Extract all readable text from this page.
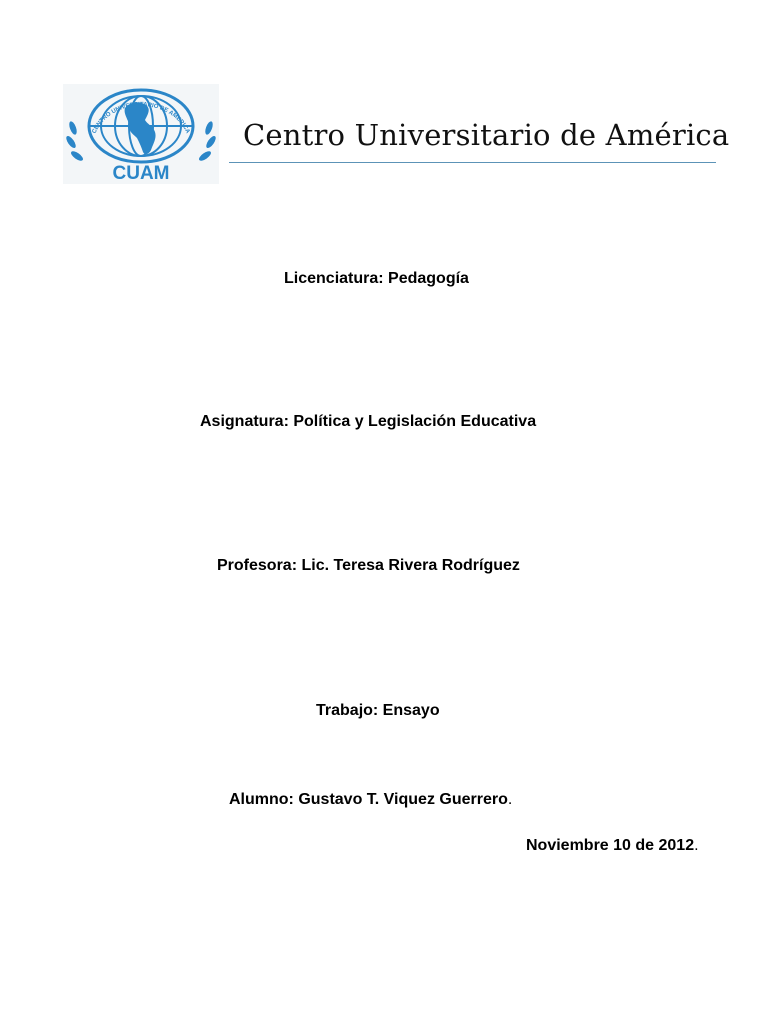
CENTRO UNIVERSITARIO DE AMERICA
CUAM
Centro Universitario de América
Licenciatura: Pedagogía
Asignatura: Política y Legislación Educativa
Profesora: Lic. Teresa Rivera Rodríguez
Trabajo: Ensayo
Alumno: Gustavo T. Viquez Guerrero.
Noviembre 10 de 2012.
